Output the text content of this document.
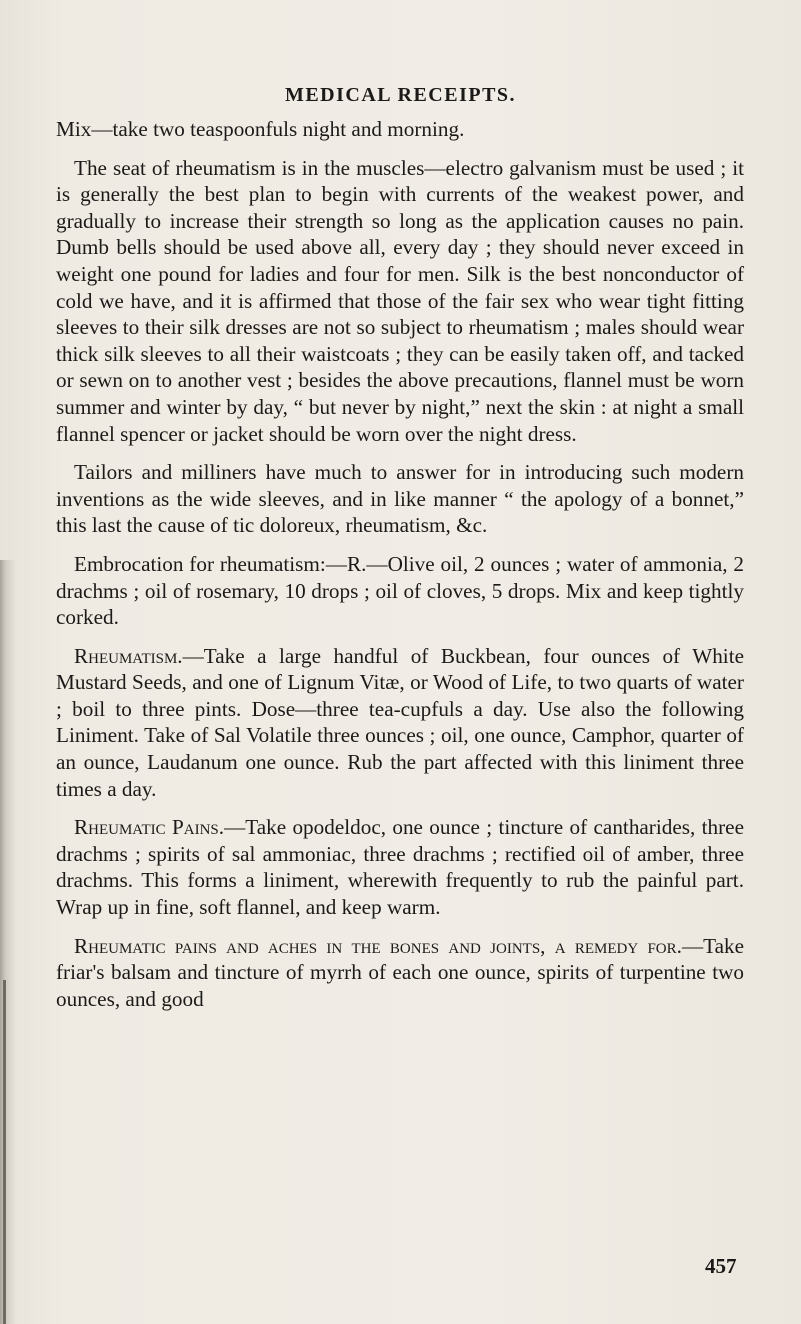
MEDICAL RECEIPTS.

Mix—take two teaspoonfuls night and morning.

The seat of rheumatism is in the muscles—electro galvanism must be used ; it is generally the best plan to begin with currents of the weakest power, and gradually to increase their strength so long as the application causes no pain. Dumb bells should be used above all, every day ; they should never exceed in weight one pound for ladies and four for men. Silk is the best nonconductor of cold we have, and it is affirmed that those of the fair sex who wear tight fitting sleeves to their silk dresses are not so subject to rheumatism ; males should wear thick silk sleeves to all their waistcoats ; they can be easily taken off, and tacked or sewn on to another vest ; besides the above precautions, flannel must be worn summer and winter by day, “ but never by night,” next the skin : at night a small flannel spencer or jacket should be worn over the night dress.

Tailors and milliners have much to answer for in introducing such modern inventions as the wide sleeves, and in like manner “ the apology of a bonnet,” this last the cause of tic doloreux, rheumatism, &c.

Embrocation for rheumatism:—R.—Olive oil, 2 ounces ; water of ammonia, 2 drachms ; oil of rosemary, 10 drops ; oil of cloves, 5 drops. Mix and keep tightly corked.

Rheumatism.—Take a large handful of Buckbean, four ounces of White Mustard Seeds, and one of Lignum Vitæ, or Wood of Life, to two quarts of water ; boil to three pints. Dose—three tea-cupfuls a day. Use also the following Liniment. Take of Sal Volatile three ounces ; oil, one ounce, Camphor, quarter of an ounce, Laudanum one ounce. Rub the part affected with this liniment three times a day.

Rheumatic Pains.—Take opodeldoc, one ounce ; tincture of cantharides, three drachms ; spirits of sal ammoniac, three drachms ; rectified oil of amber, three drachms. This forms a liniment, wherewith frequently to rub the painful part. Wrap up in fine, soft flannel, and keep warm.

Rheumatic pains and aches in the bones and joints, a remedy for.—Take friar's balsam and tincture of myrrh of each one ounce, spirits of turpentine two ounces, and good

457
